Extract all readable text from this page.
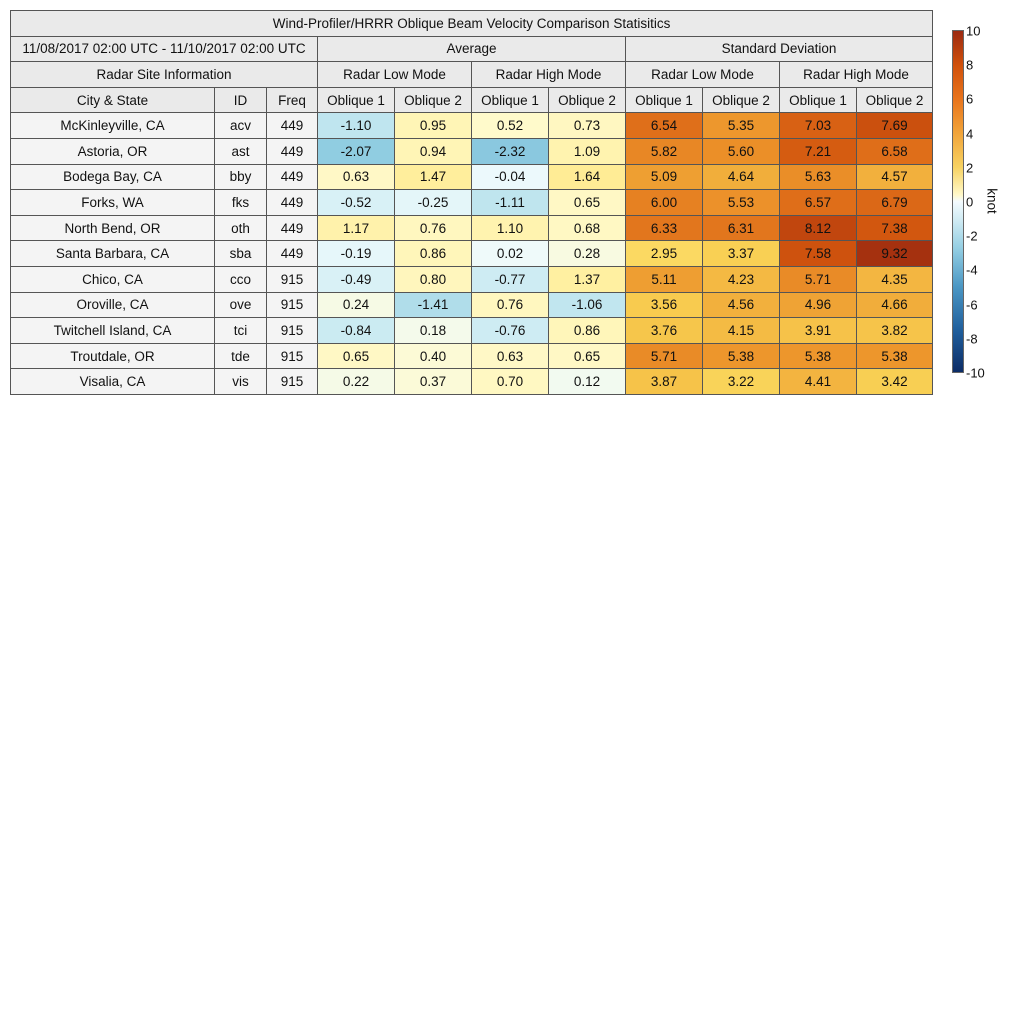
Wind-Profiler/HRRR Oblique Beam Velocity Comparison Statisitics										
11/08/2017 02:00 UTC - 11/10/2017 02:00 UTC			Average				Standard Deviation			
Radar Site Information			Radar Low Mode		Radar High Mode		Radar Low Mode		Radar High Mode	
City & State	ID	Freq	Oblique 1	Oblique 2	Oblique 1	Oblique 2	Oblique 1	Oblique 2	Oblique 1	Oblique 2
McKinleyville, CA	acv	449	-1.10	0.95	0.52	0.73	6.54	5.35	7.03	7.69
Astoria, OR	ast	449	-2.07	0.94	-2.32	1.09	5.82	5.60	7.21	6.58
Bodega Bay, CA	bby	449	0.63	1.47	-0.04	1.64	5.09	4.64	5.63	4.57
Forks, WA	fks	449	-0.52	-0.25	-1.11	0.65	6.00	5.53	6.57	6.79
North Bend, OR	oth	449	1.17	0.76	1.10	0.68	6.33	6.31	8.12	7.38
Santa Barbara, CA	sba	449	-0.19	0.86	0.02	0.28	2.95	3.37	7.58	9.32
Chico, CA	cco	915	-0.49	0.80	-0.77	1.37	5.11	4.23	5.71	4.35
Oroville, CA	ove	915	0.24	-1.41	0.76	-1.06	3.56	4.56	4.96	4.66
Twitchell Island, CA	tci	915	-0.84	0.18	-0.76	0.86	3.76	4.15	3.91	3.82
Troutdale, OR	tde	915	0.65	0.40	0.63	0.65	5.71	5.38	5.38	5.38
Visalia, CA	vis	915	0.22	0.37	0.70	0.12	3.87	3.22	4.41	3.42
10
8
6
4
2
0
-2
-4
-6
-8
-10
knot
